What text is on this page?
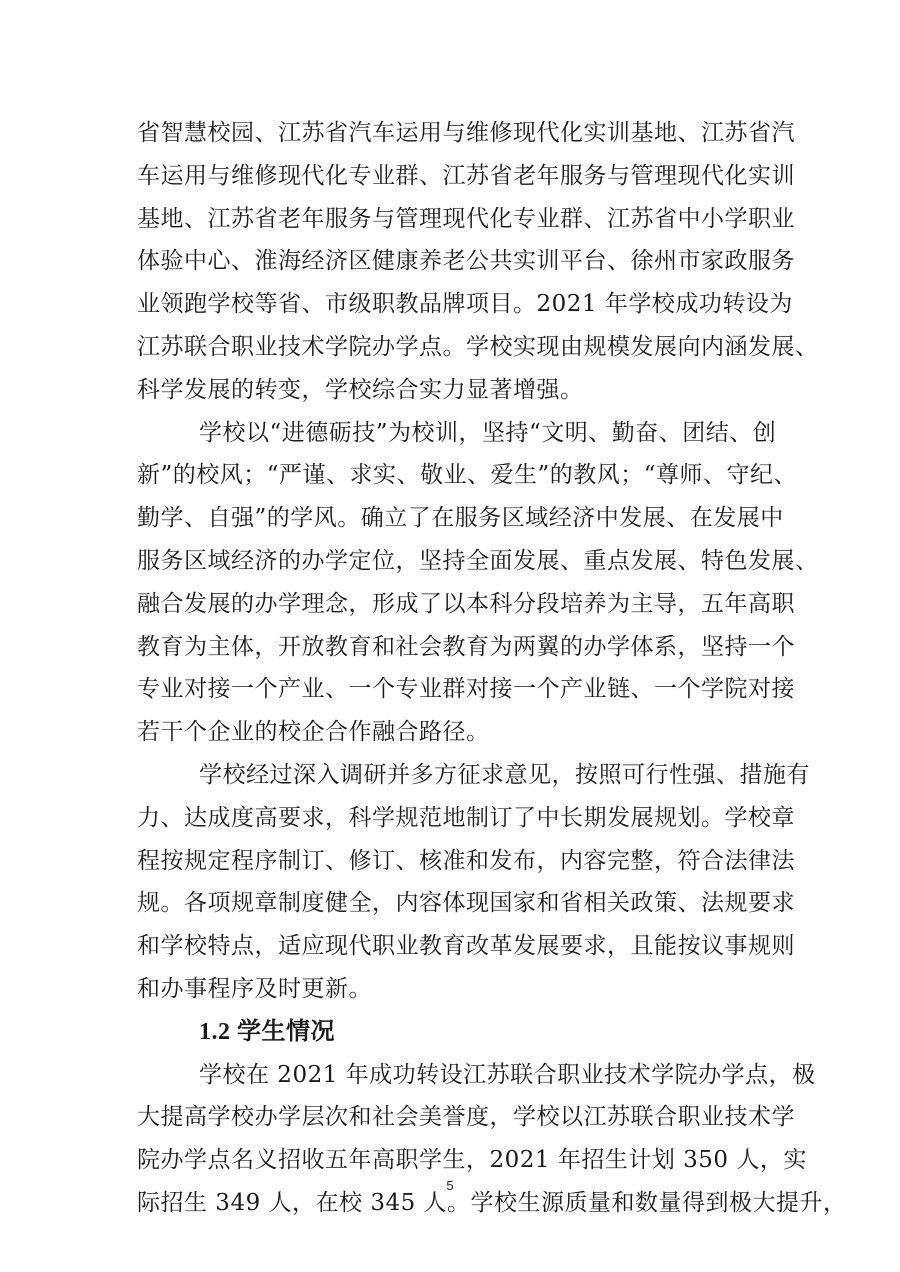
省智慧校园、江苏省汽车运用与维修现代化实训基地、江苏省汽
车运用与维修现代化专业群、江苏省老年服务与管理现代化实训
基地、江苏省老年服务与管理现代化专业群、江苏省中小学职业
体验中心、淮海经济区健康养老公共实训平台、徐州市家政服务
业领跑学校等省、市级职教品牌项目。2021 年学校成功转设为
江苏联合职业技术学院办学点。学校实现由规模发展向内涵发展、
科学发展的转变，学校综合实力显著增强。
学校以“进德砺技”为校训，坚持“文明、勤奋、团结、创
新”的校风；“严谨、求实、敬业、爱生”的教风；“尊师、守纪、
勤学、自强”的学风。确立了在服务区域经济中发展、在发展中
服务区域经济的办学定位，坚持全面发展、重点发展、特色发展、
融合发展的办学理念，形成了以本科分段培养为主导，五年高职
教育为主体，开放教育和社会教育为两翼的办学体系，坚持一个
专业对接一个产业、一个专业群对接一个产业链、一个学院对接
若干个企业的校企合作融合路径。
学校经过深入调研并多方征求意见，按照可行性强、措施有
力、达成度高要求，科学规范地制订了中长期发展规划。学校章
程按规定程序制订、修订、核准和发布，内容完整，符合法律法
规。各项规章制度健全，内容体现国家和省相关政策、法规要求
和学校特点，适应现代职业教育改革发展要求，且能按议事规则
和办事程序及时更新。
1.2 学生情况
学校在 2021 年成功转设江苏联合职业技术学院办学点，极
大提高学校办学层次和社会美誉度，学校以江苏联合职业技术学
院办学点名义招收五年高职学生，2021 年招生计划 350 人，实
际招生 349 人，在校 345 人。学校生源质量和数量得到极大提升，
5
